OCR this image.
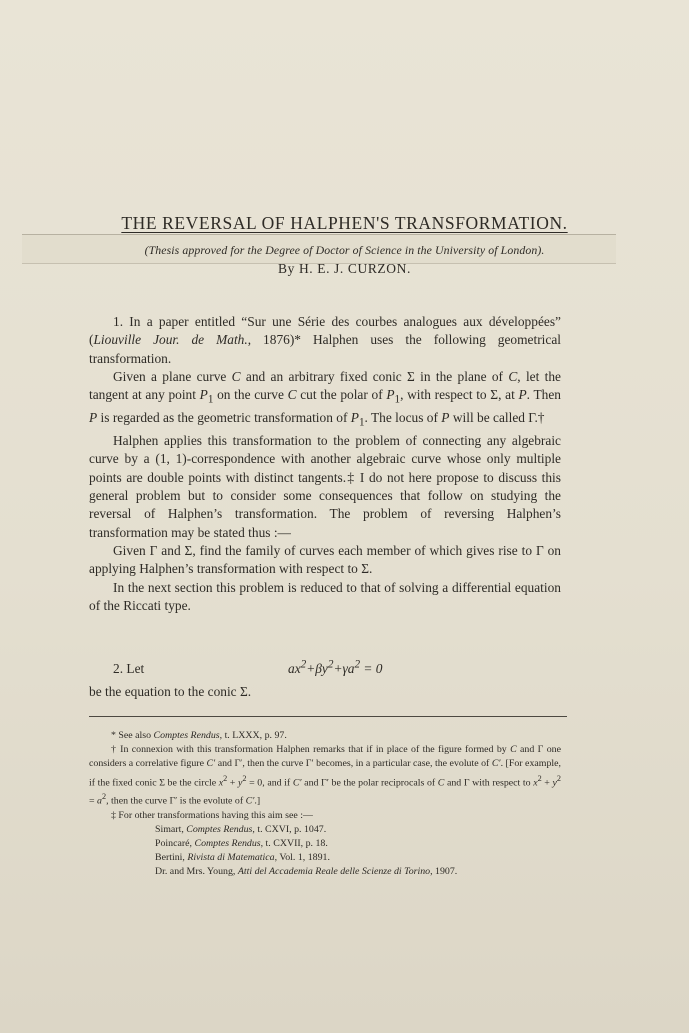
THE REVERSAL OF HALPHEN'S TRANSFORMATION.
(Thesis approved for the Degree of Doctor of Science in the University of London).
By H. E. J. CURZON.

1. In a paper entitled “Sur une Série des courbes analogues aux développées” (Liouville Jour. de Math., 1876)* Halphen uses the following geometrical transformation.

Given a plane curve C and an arbitrary fixed conic Σ in the plane of C, let the tangent at any point $P_1$ on the curve C cut the polar of $P_1$, with respect to Σ, at P. Then P is regarded as the geometric transformation of $P_1$. The locus of P will be called Γ.†

Halphen applies this transformation to the problem of connecting any algebraic curve by a (1, 1)-correspondence with another algebraic curve whose only multiple points are double points with distinct tangents.‡ I do not here propose to discuss this general problem but to consider some consequences that follow on studying the reversal of Halphen’s transformation. The problem of reversing Halphen’s transformation may be stated thus :—

Given Γ and Σ, find the family of curves each member of which gives rise to Γ on applying Halphen’s transformation with respect to Σ.

In the next section this problem is reduced to that of solving a differential equation of the Riccati type.

2. Let	$ax^2+\beta y^2+\gamma a^2 = 0$
be the equation to the conic Σ.

* See also Comptes Rendus, t. LXXX, p. 97.

† In connexion with this transformation Halphen remarks that if in place of the figure formed by C and Γ one considers a correlative figure C′ and Γ′, then the curve Γ′ becomes, in a particular case, the evolute of C′. [For example, if the fixed conic Σ be the circle $x^2 + y^2 = 0$, and if C′ and Γ′ be the polar reciprocals of C and Γ with respect to $x^2 + y^2 = a^2$, then the curve Γ′ is the evolute of C′.]

‡ For other transformations having this aim see :—

Simart, Comptes Rendus, t. CXVI, p. 1047.

Poincaré, Comptes Rendus, t. CXVII, p. 18.

Bertini, Rivista di Matematica, Vol. 1, 1891.

Dr. and Mrs. Young, Atti del Accademia Reale delle Scienze di Torino, 1907.
